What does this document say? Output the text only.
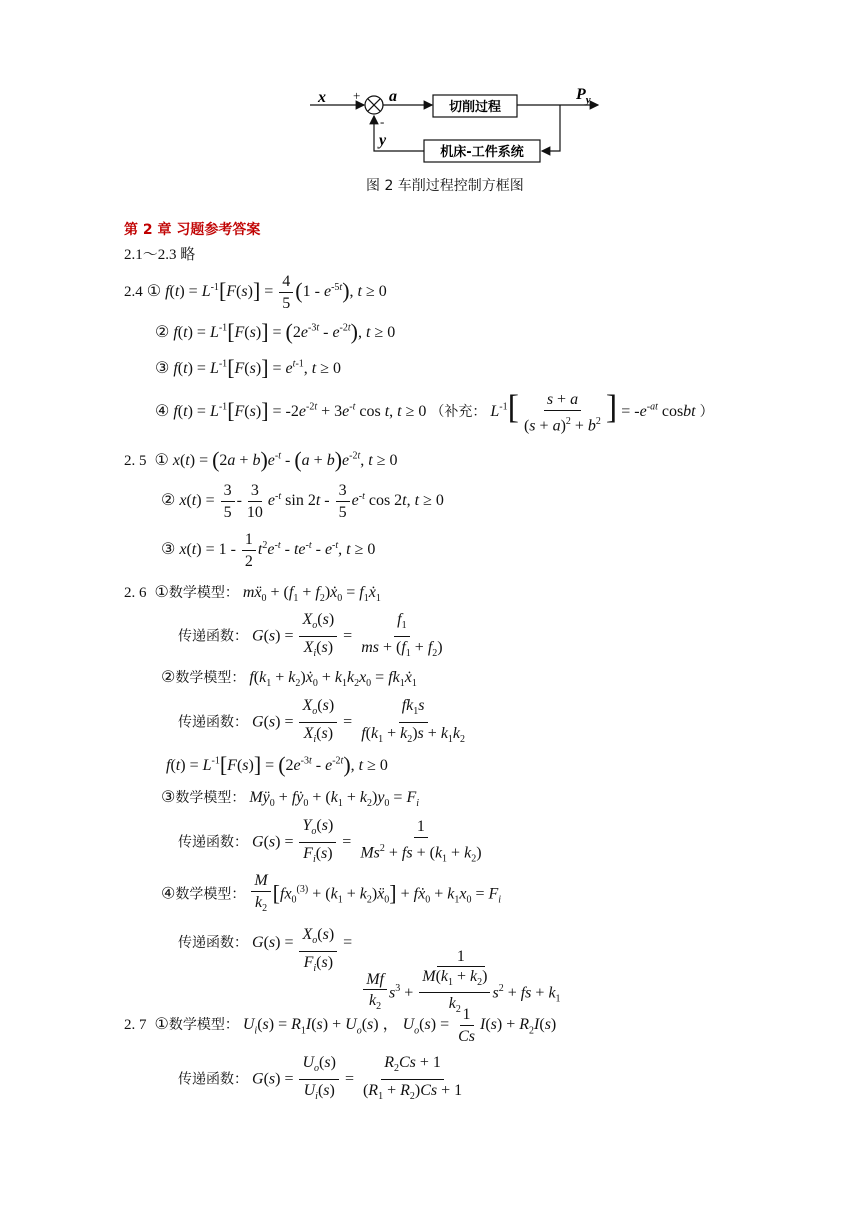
x +
-
a
y
$P_y$
切削过程
机床-工件系统
图 2 车削过程控制方框图
第 2 章 习题参考答案
2.1～2.3 略
2.4 ① $f(t) = L^{-1}[F(s)] = \frac{4}{5} (1 - e^{-5t})$, t ≥ 0
② $f(t) = L^{-1}[F(s)] = (2e^{-3t} - e^{-2t})$, t ≥ 0
③ $f(t) = L^{-1}[F(s)] = e^{t-1}$, t ≥ 0
④ $f(t) = L^{-1}[F(s)] = -2e^{-2t} + 3e^{-t}$ cos t, t ≥ 0 （补充： $L^{-1}[ \frac{s + a}{(s + a)^2 + b^2}$ ] = $-e^{-at}$ cosbt ）
2. 5 ① $x(t) = (2a + b)e^{-t} - (a + b)e^{-2t}$, t ≥ 0
② $x(t) = \frac{3}{5} - \frac{3}{10} e^{-t}$ $\sin 2t - \frac{3}{5} e^{-t}$ cos 2t, t ≥ 0
③ $x(t) = 1 - \frac{1}{2} t^2e^{-t} - te^{-t} - e^{-t}$, t ≥ 0
2. 6 ①数学模型： mẍ$_0$ + ($f_1$ + $f_2)ẋ_0$ = $f_1ẋ_1$
传递函数： $G(s) = \frac{X_o(s)}{X_i(s)} = \frac{f_1}{ms + (f_1 + f_2)}$
②数学模型： $f(k_1$ + $k_2)ẋ_0 + k_1k_2x_0$ = $fk_1ẋ_1$
传递函数： $G(s) = \frac{X_o(s)}{X_i(s)} = \frac{fk_1s}{f(k_1 + k_2)s + k_1k_2}$
$f(t) = L^{-1}[F(s)] = (2e^{-3t} - e^{-2t})$, t ≥ 0
③数学模型： $Mÿ_0$ + fẏ$_0$ + $(k_1 + k_2)y_0 = F_i$
传递函数： $G(s) = \frac{Y_o(s)}{F_i(s)} = \frac{1}{Ms^2 + fs + (k_1 + k_2)}$
④数学模型： $\frac{M}{k_2} [fx_0^{(3)} + (k_1$ + $k_2)ẍ_0$] + fẋ$_0$ + $k_1x_0 = F_i$
传递函数： $G(s) = \frac{X_o(s)}{F_i(s)}$ =
1
$\frac{Mf}{k_2} s^3 + \frac{M(k_1 + k_2)}{k_2} s^2$ + fs + $k_1$
2. 7 ①数学模型： $U_i(s) = R_1I(s) + U_o(s)$ ， $U_o(s) = \frac{1}{Cs} I(s) + R_2I(s)$
传递函数： $G(s) = \frac{U_o(s)}{U_i(s)} = \frac{R_2Cs + 1}{(R_1 + R_2)Cs + 1}$
